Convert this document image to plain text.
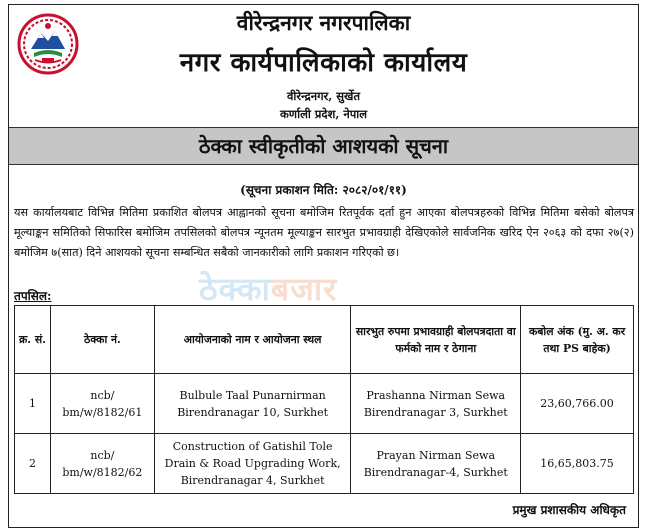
वीरेन्द्रनगर नगरपालिका
नगर कार्यपालिकाको कार्यालय
वीरेन्द्रनगर, सुर्खेत
कर्णाली प्रदेश, नेपाल
ठेक्का स्वीकृतीको आशयको सूचना
(सूचना प्रकाशन मिति: २०८२/०१/११)
यस कार्यालयबाट विभिन्न मितिमा प्रकाशित बोलपत्र आह्वानको सूचना बमोजिम रितपूर्वक दर्ता हुन आएका बोलपत्रहरुको विभिन्न मितिमा बसेको बोलपत्र मूल्याङ्कन समितिको सिफारिस बमोजिम तपसिलको बोलपत्र न्यूनतम मूल्याङ्कन सारभुत प्रभावग्राही देखिएकोले सार्वजनिक खरिद ऐन २०६३ को दफा २७(२) बमोजिम ७(सात) दिने आशयको सूचना सम्बन्धित सबैको जानकारीको लागि प्रकाशन गरिएको छ।
ठेक्काबजार
तपसिल:
क्र. सं.	ठेक्का नं.	आयोजनाको नाम र आयोजना स्थल	सारभुत रुपमा प्रभावग्राही बोलपत्रदाता वा फर्मको नाम र ठेगाना	कबोल अंक (मु. अ. कर तथा PS बाहेक)
1	ncb/ bm/w/8182/61	Bulbule Taal Punarnirman Birendranagar 10, Surkhet	Prashanna Nirman Sewa Birendranagar 3, Surkhet	23,60,766.00
2	ncb/ bm/w/8182/62	Construction of Gatishil Tole Drain & Road Upgrading Work, Birendranagar 4, Surkhet	Prayan Nirman Sewa Birendranagar-4, Surkhet	16,65,803.75
प्रमुख प्रशासकीय अधिकृत
